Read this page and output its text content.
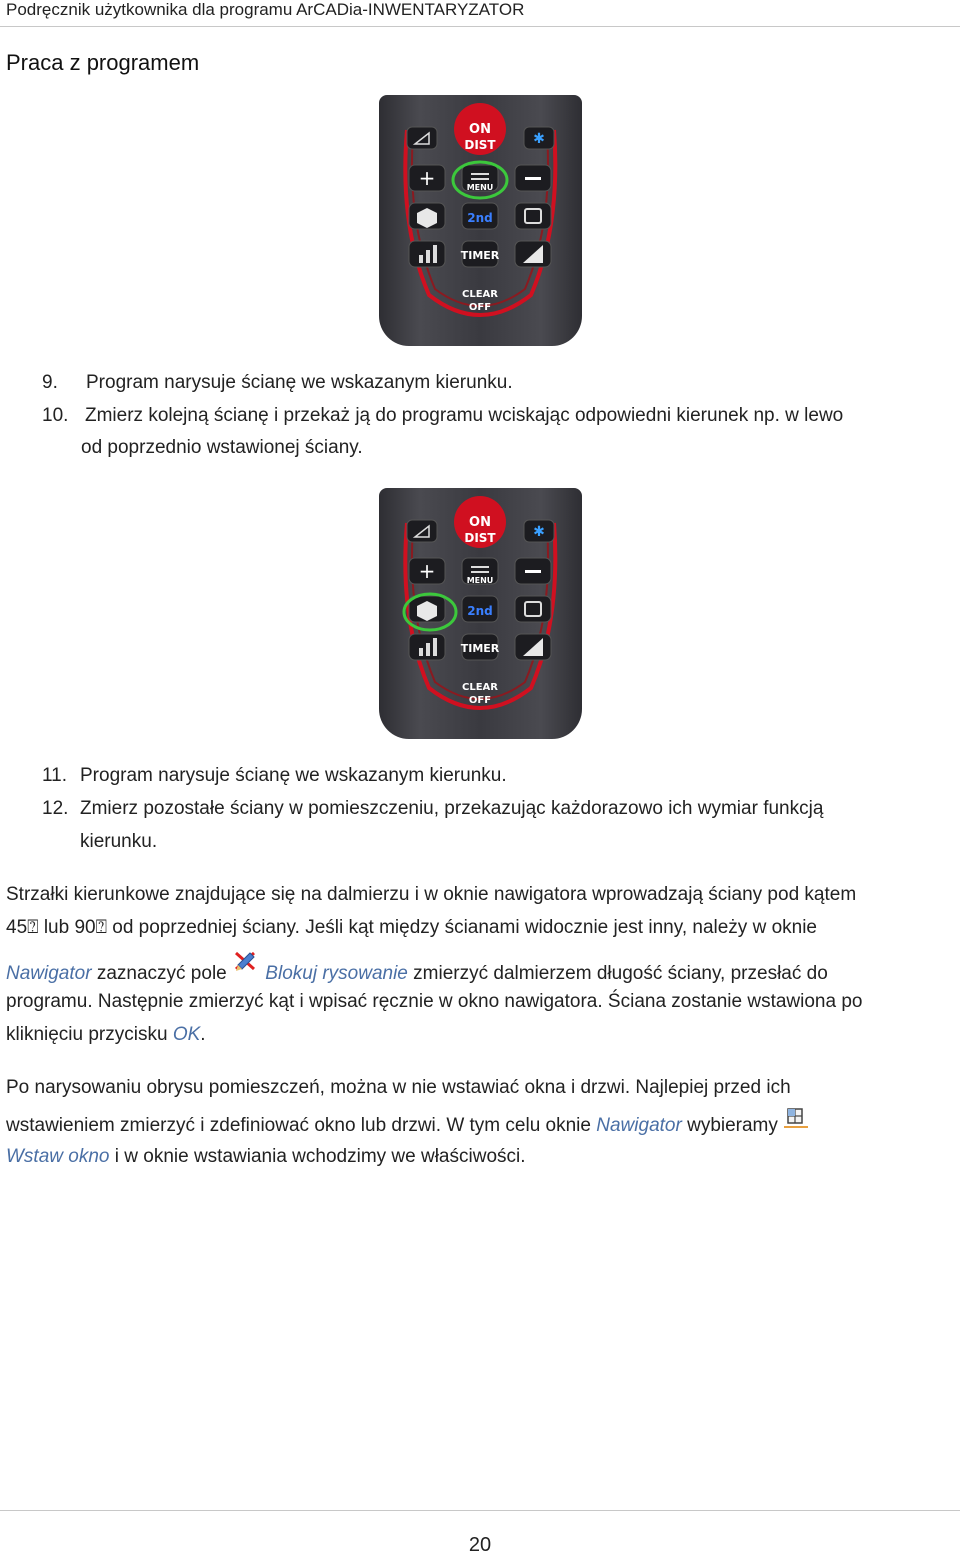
Podręcznik użytkownika dla programu ArCADia-INWENTARYZATOR
Praca z programem
✱
ON
DIST
+	MENU
2nd
TIMER
CLEAR
OFF
9. Program narysuje ścianę we wskazanym kierunku.
10. Zmierz kolejną ścianę i przekaż ją do programu wciskając odpowiedni kierunek np. w lewo
od poprzednio wstawionej ściany.
✱
ON
DIST
+	MENU
2nd
TIMER
CLEAR
OFF
11. Program narysuje ścianę we wskazanym kierunku.
12. Zmierz pozostałe ściany w pomieszczeniu, przekazując każdorazowo ich wymiar funkcją
kierunku.
Strzałki kierunkowe znajdujące się na dalmierzu i w oknie nawigatora wprowadzają ściany pod kątem
45⍰ lub 90⍰ od poprzedniej ściany. Jeśli kąt między ścianami widocznie jest inny, należy w oknie
Nawigator zaznaczyć pole
Blokuj rysowanie zmierzyć dalmierzem długość ściany, przesłać do
programu. Następnie zmierzyć kąt i wpisać ręcznie w okno nawigatora. Ściana zostanie wstawiona po
kliknięciu przycisku OK.
Po narysowaniu obrysu pomieszczeń, można w nie wstawiać okna i drzwi. Najlepiej przed ich
wstawieniem zmierzyć i zdefiniować okno lub drzwi. W tym celu oknie Nawigator wybieramy
Wstaw okno i w oknie wstawiania wchodzimy we właściwości.
20
